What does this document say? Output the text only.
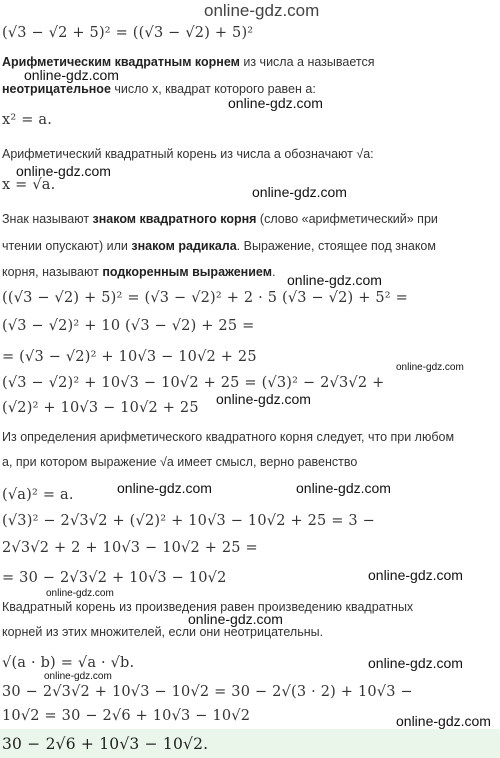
online-gdz.com
(√3 − √2 + 5)² = ((√3 − √2) + 5)²
Арифметическим квадратным корнем из числа a называется
online-gdz.com
неотрицательное число x, квадрат которого равен a:
online-gdz.com
x² = a.
Арифметический квадратный корень из числа a обозначают √a:
online-gdz.com
x = √a.	online-gdz.com
Знак называют знаком квадратного корня (слово «арифметический» при
чтении опускают) или знаком радикала. Выражение, стоящее под знаком
корня, называют подкоренным выражением. online-gdz.com
((√3 − √2) + 5)² = (√3 − √2)² + 2 · 5 (√3 − √2) + 5² =
(√3 − √2)² + 10 (√3 − √2) + 25 =
= (√3 − √2)² + 10√3 − 10√2 + 25
online-gdz.com
(√3 − √2)² + 10√3 − 10√2 + 25 = (√3)² − 2√3√2 +
online-gdz.com
(√2)² + 10√3 − 10√2 + 25
Из определения арифметического квадратного корня следует, что при любом
a, при котором выражение √a имеет смысл, верно равенство
(√a)² = a.	online-gdz.com	online-gdz.com
(√3)² − 2√3√2 + (√2)² + 10√3 − 10√2 + 25 = 3 −
2√3√2 + 2 + 10√3 − 10√2 + 25 =
= 30 − 2√3√2 + 10√3 − 10√2	online-gdz.com
online-gdz.com
Квадратный корень из произведения равен произведению квадратных
online-gdz.com
корней из этих множителей, если они неотрицательны.
√(a · b) = √a · √b.	online-gdz.com
30 − 2√3√2 + 10√3 − 10√2 = 30 − 2√(3 · 2) + 10√3 −
online-gdz.com
10√2 = 30 − 2√6 + 10√3 − 10√2	online-gdz.com
30 − 2√6 + 10√3 − 10√2.
